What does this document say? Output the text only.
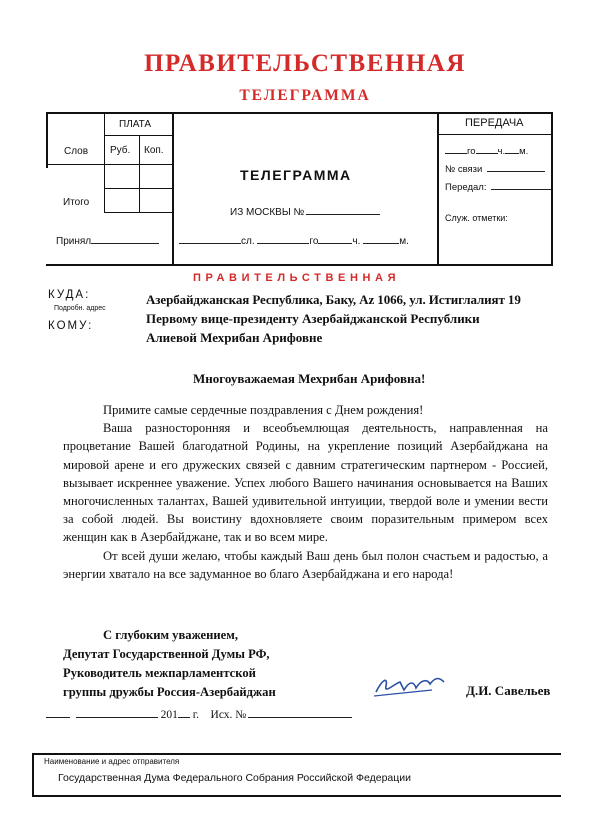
ПРАВИТЕЛЬСТВЕННАЯ
ТЕЛЕГРАММА
ПЛАТА
Слов Руб. Коп.
Итого
Принял
ТЕЛЕГРАММА
ИЗ МОСКВЫ №
сл.	го	ч.	м.
ПЕРЕДАЧА
го ч. м.
№ связи
Передал:
Служ. отметки:
ПРАВИТЕЛЬСТВЕННАЯ
КУДА:
Подробн. адрес
КОМУ:
Азербайджанская Республика, Баку, Az 1066, ул. Истиглалият 19
Первому вице-президенту Азербайджанской Республики
Алиевой Мехрибан Арифовне
Многоуважаемая Мехрибан Арифовна!

Примите самые сердечные поздравления с Днем рождения!

Ваша разносторонняя и всеобъемлющая деятельность, направленная на процветание Вашей благодатной Родины, на укрепление позиций Азербайджана на мировой арене и его дружеских связей с давним стратегическим партнером - Россией, вызывает искреннее уважение. Успех любого Вашего начинания основывается на Ваших многочисленных талантах, Вашей удивительной интуиции, твердой воле и умении вести за собой людей. Вы воистину вдохновляете своим поразительным примером всех женщин как в Азербайджане, так и во всем мире.

От всей души желаю, чтобы каждый Ваш день был полон счастьем и радостью, а энергии хватало на все задуманное во благо Азербайджана и его народа!

С глубоким уважением,
Депутат Государственной Думы РФ,
Руководитель межпарламентской
группы дружбы Россия-Азербайджан	Д.И. Савельев
201 г. Исх. №
Наименование и адрес отправителя
Государственная Дума Федерального Собрания Российской Федерации
